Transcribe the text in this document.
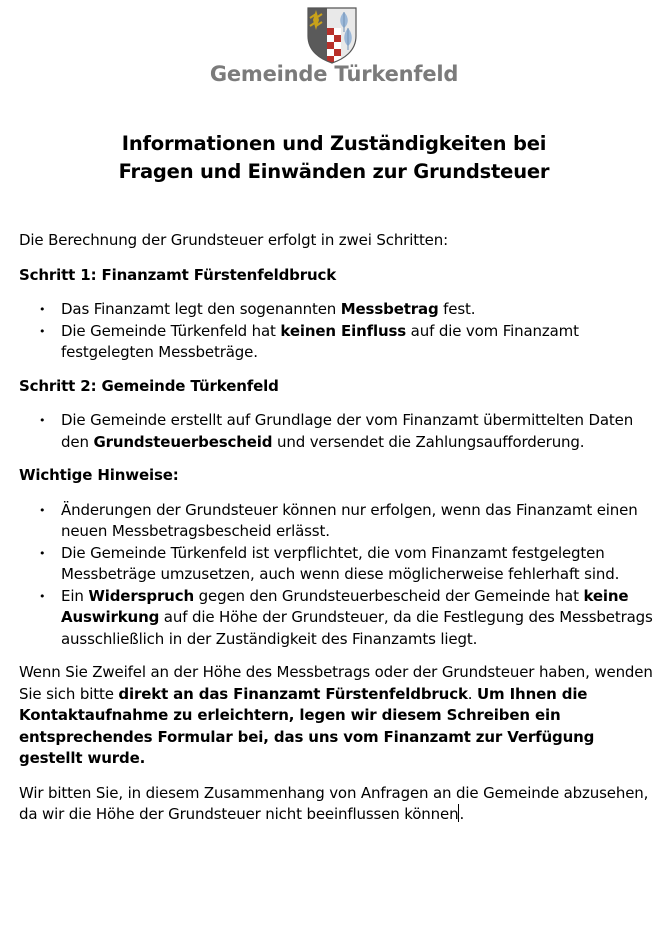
Gemeinde Türkenfeld
Informationen und Zuständigkeiten bei
Fragen und Einwänden zur Grundsteuer

Die Berechnung der Grundsteuer erfolgt in zwei Schritten:

Schritt 1: Finanzamt Fürstenfeldbruck

• Das Finanzamt legt den sogenannten Messbetrag fest.
• Die Gemeinde Türkenfeld hat keinen Einfluss auf die vom Finanzamt festgelegten Messbeträge.

Schritt 2: Gemeinde Türkenfeld

• Die Gemeinde erstellt auf Grundlage der vom Finanzamt übermittelten Daten den Grundsteuerbescheid und versendet die Zahlungsaufforderung.

Wichtige Hinweise:

• Änderungen der Grundsteuer können nur erfolgen, wenn das Finanzamt einen neuen Messbetragsbescheid erlässt.
• Die Gemeinde Türkenfeld ist verpflichtet, die vom Finanzamt festgelegten Messbeträge umzusetzen, auch wenn diese möglicherweise fehlerhaft sind.
• Ein Widerspruch gegen den Grundsteuerbescheid der Gemeinde hat keine Auswirkung auf die Höhe der Grundsteuer, da die Festlegung des Messbetrags ausschließlich in der Zuständigkeit des Finanzamts liegt.

Wenn Sie Zweifel an der Höhe des Messbetrags oder der Grundsteuer haben, wenden Sie sich bitte direkt an das Finanzamt Fürstenfeldbruck. Um Ihnen die Kontaktaufnahme zu erleichtern, legen wir diesem Schreiben ein entsprechendes Formular bei, das uns vom Finanzamt zur Verfügung gestellt wurde.

Wir bitten Sie, in diesem Zusammenhang von Anfragen an die Gemeinde abzusehen, da wir die Höhe der Grundsteuer nicht beeinflussen können.
